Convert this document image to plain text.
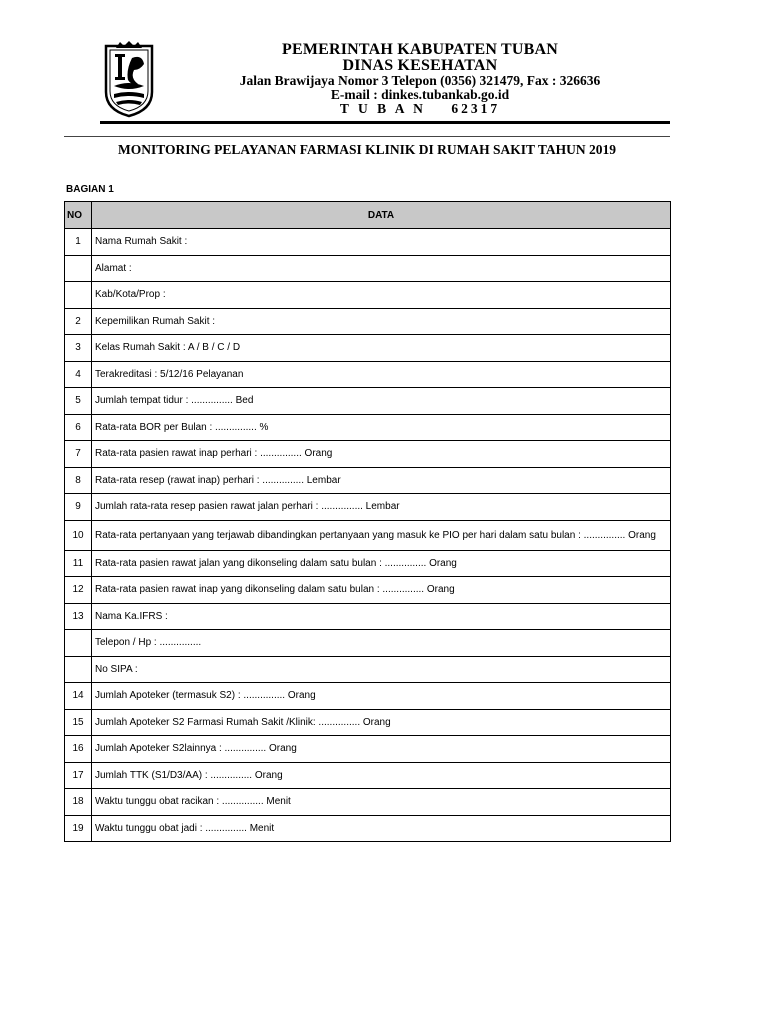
PEMERINTAH KABUPATEN TUBAN
DINAS KESEHATAN
Jalan Brawijaya Nomor 3 Telepon (0356) 321479, Fax : 326636
E-mail : dinkes.tubankab.go.id
T U B A N    62317
MONITORING PELAYANAN FARMASI KLINIK DI RUMAH SAKIT TAHUN 2019
BAGIAN 1
NO	DATA
1	Nama Rumah Sakit :
	Alamat :
	Kab/Kota/Prop :
2	Kepemilikan Rumah Sakit :
3	Kelas Rumah Sakit : A / B / C / D
4	Terakreditasi : 5/12/16 Pelayanan
5	Jumlah tempat tidur : ............... Bed
6	Rata-rata BOR per Bulan : ............... %
7	Rata-rata pasien rawat inap perhari : ............... Orang
8	Rata-rata resep (rawat inap) perhari : ............... Lembar
9	Jumlah rata-rata resep pasien rawat jalan perhari : ............... Lembar
10	Rata-rata pertanyaan yang terjawab dibandingkan pertanyaan yang masuk ke PIO per hari dalam satu bulan : ............... Orang
11	Rata-rata pasien rawat jalan yang dikonseling dalam satu bulan : ............... Orang
12	Rata-rata pasien rawat inap yang dikonseling dalam satu bulan : ............... Orang
13	Nama Ka.IFRS :
	Telepon / Hp : ...............
	No SIPA :
14	Jumlah Apoteker (termasuk S2) : ............... Orang
15	Jumlah Apoteker S2 Farmasi Rumah Sakit /Klinik: ............... Orang
16	Jumlah Apoteker S2lainnya : ............... Orang
17	Jumlah TTK (S1/D3/AA) : ............... Orang
18	Waktu tunggu obat racikan : ............... Menit
19	Waktu tunggu obat jadi : ............... Menit
